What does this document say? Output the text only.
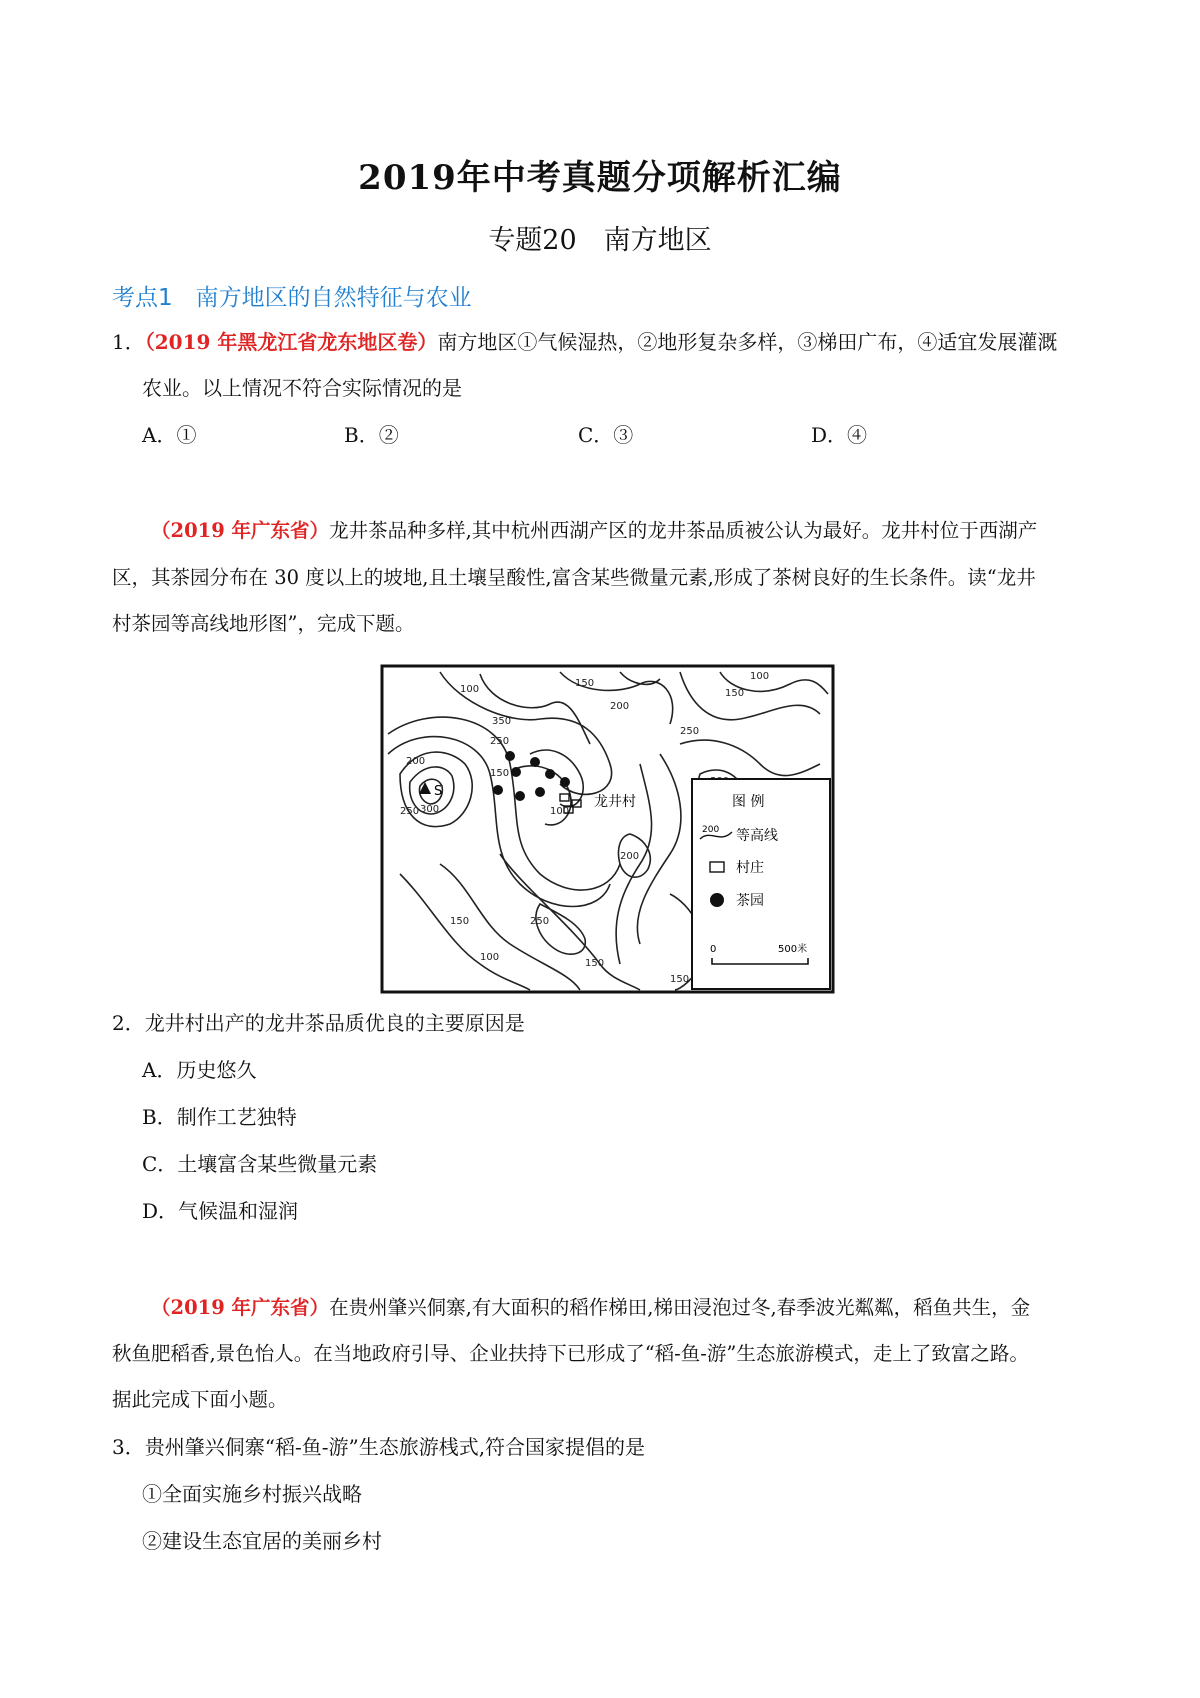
2019年中考真题分项解析汇编
专题20　南方地区
考点1　南方地区的自然特征与农业
1．（2019 年黑龙江省龙东地区卷）南方地区①气候湿热，②地形复杂多样，③梯田广布，④适宜发展灌溉
农业。以上情况不符合实际情况的是
A．①	B．②	C．③	D．④
（2019 年广东省）龙井茶品种多样,其中杭州西湖产区的龙井茶品质被公认为最好。龙井村位于西湖产
区，其茶园分布在 30 度以上的坡地,且土壤呈酸性,富含某些微量元素,形成了茶树良好的生长条件。读“龙井
村茶园等高线地形图”，完成下题。
S
龙井村
100
150
200
250 300
350
150
200
250
150
100
200
150
100
150	250
150
100
250
图 例
200 等高线
村庄
茶园
0	500米
2．龙井村出产的龙井茶品质优良的主要原因是
A．历史悠久
B．制作工艺独特
C．土壤富含某些微量元素
D．气候温和湿润
（2019 年广东省）在贵州肇兴侗寨,有大面积的稻作梯田,梯田浸泡过冬,春季波光粼粼，稻鱼共生，金
秋鱼肥稻香,景色怡人。在当地政府引导、企业扶持下已形成了“稻-鱼-游”生态旅游模式，走上了致富之路。
据此完成下面小题。
3．贵州肇兴侗寨“稻-鱼-游”生态旅游桟式,符合国家提倡的是
①全面实施乡村振兴战略
②建设生态宜居的美丽乡村
